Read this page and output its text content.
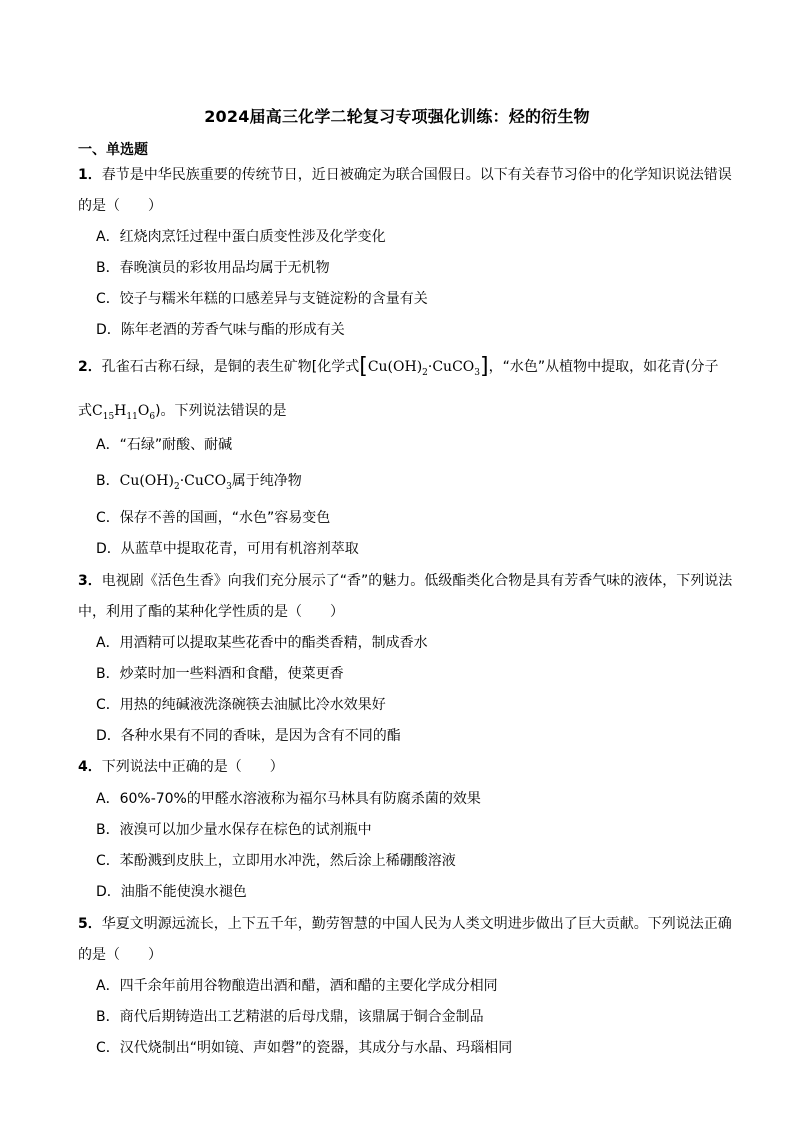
2024届高三化学二轮复习专项强化训练：烃的衍生物
一、单选题
1．春节是中华民族重要的传统节日，近日被确定为联合国假日。以下有关春节习俗中的化学知识说法错误的是（　　）
A．红烧肉烹饪过程中蛋白质变性涉及化学变化
B．春晚演员的彩妆用品均属于无机物
C．饺子与糯米年糕的口感差异与支链淀粉的含量有关
D．陈年老酒的芳香气味与酯的形成有关
2．孔雀石古称石绿，是铜的表生矿物[化学式$[Cu(OH)_2\cdot CuCO_3]$，“水色”从植物中提取，如花青(分子
式$C_{15}H_{11}O_6$)。下列说法错误的是
A．“石绿”耐酸、耐碱
B．$Cu(OH)_2\cdot CuCO_3$属于纯净物
C．保存不善的国画，“水色”容易变色
D．从蓝草中提取花青，可用有机溶剂萃取
3．电视剧《活色生香》向我们充分展示了“香”的魅力。低级酯类化合物是具有芳香气味的液体，下列说法中，利用了酯的某种化学性质的是（　　）
A．用酒精可以提取某些花香中的酯类香精，制成香水
B．炒菜时加一些料酒和食醋，使菜更香
C．用热的纯碱液洗涤碗筷去油腻比冷水效果好
D．各种水果有不同的香味，是因为含有不同的酯
4．下列说法中正确的是（　　）
A．60%-70%的甲醛水溶液称为福尔马林具有防腐杀菌的效果
B．液溴可以加少量水保存在棕色的试剂瓶中
C．苯酚溅到皮肤上，立即用水冲洗，然后涂上稀硼酸溶液
D．油脂不能使溴水褪色
5．华夏文明源远流长，上下五千年，勤劳智慧的中国人民为人类文明进步做出了巨大贡献。下列说法正确的是（　　）
A．四千余年前用谷物酿造出酒和醋，酒和醋的主要化学成分相同
B．商代后期铸造出工艺精湛的后母戊鼎，该鼎属于铜合金制品
C．汉代烧制出“明如镜、声如磬”的瓷器，其成分与水晶、玛瑙相同
